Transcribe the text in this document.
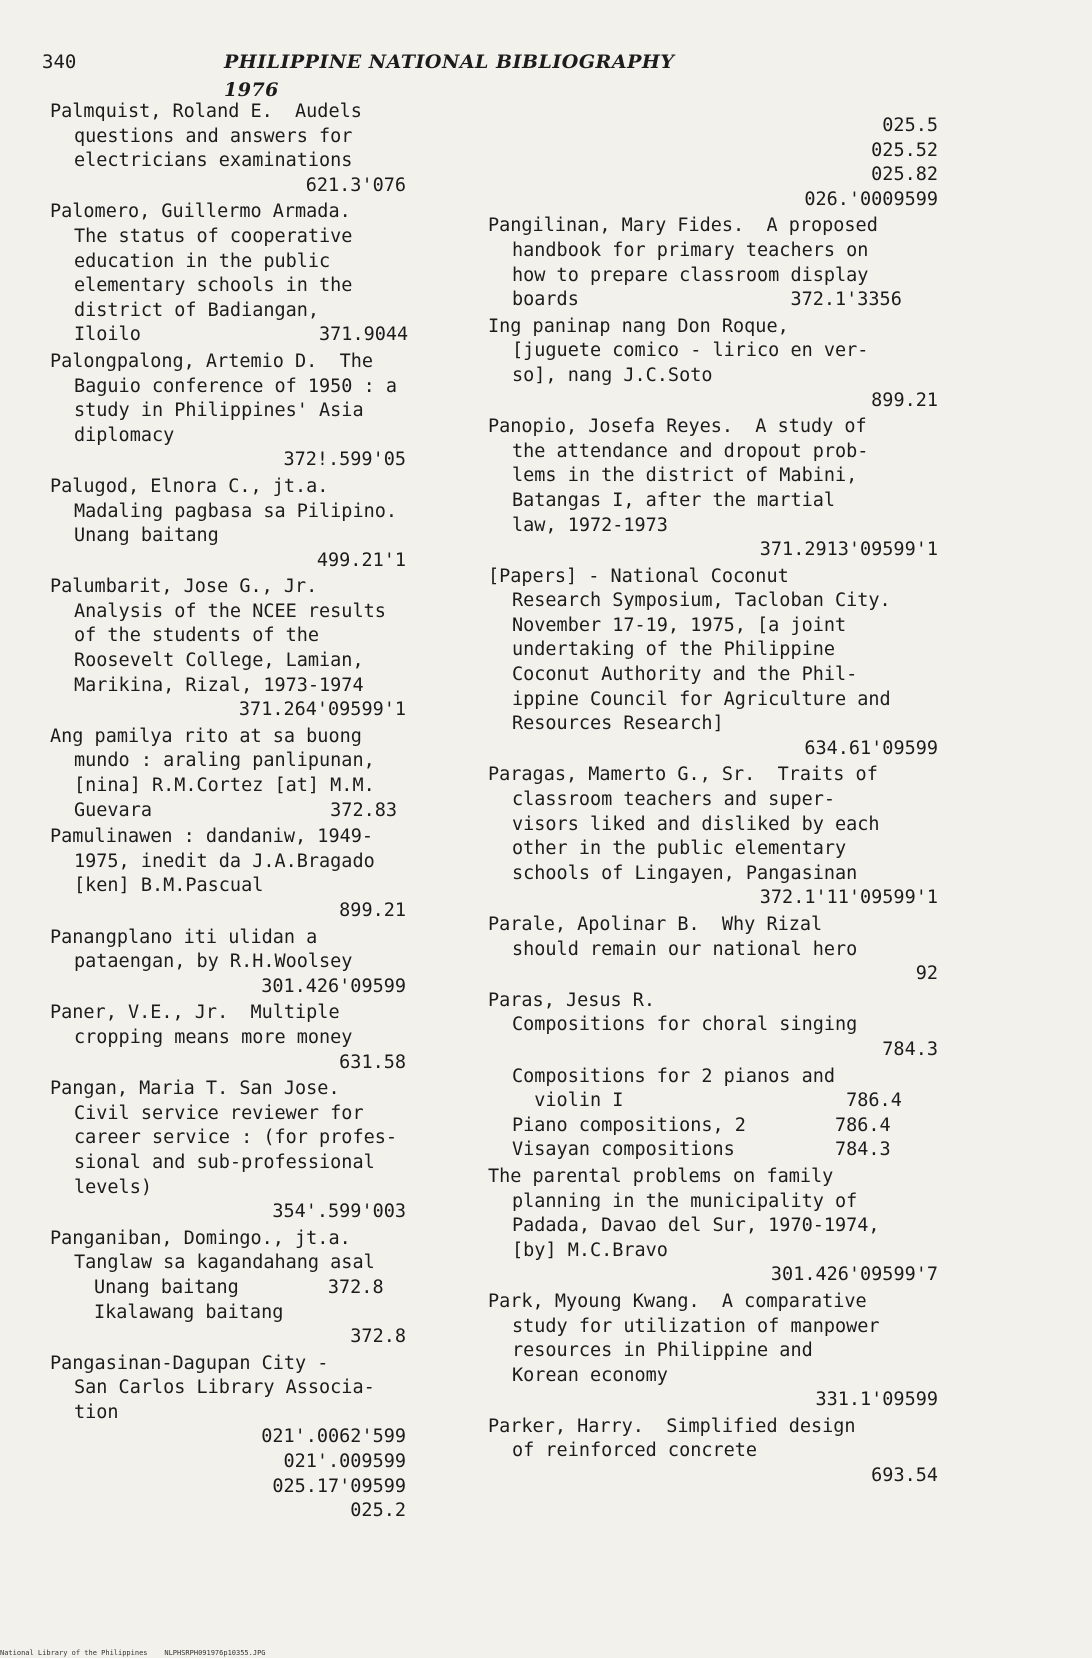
340	PHILIPPINE NATIONAL BIBLIOGRAPHY 1976
Palmquist, Roland E.  Audels
questions and answers for
electricians examinations
621.3'076
Palomero, Guillermo Armada.
The status of cooperative
education in the public
elementary schools in the
district of Badiangan,
Iloilo                371.9044
Palongpalong, Artemio D.  The
Baguio conference of 1950 : a
study in Philippines' Asia
diplomacy
372!.599'05
Palugod, Elnora C., jt.a.
Madaling pagbasa sa Pilipino.
Unang baitang
499.21'1
Palumbarit, Jose G., Jr.
Analysis of the NCEE results
of the students of the
Roosevelt College, Lamian,
Marikina, Rizal, 1973-1974
371.264'09599'1
Ang pamilya rito at sa buong
mundo : araling panlipunan,
[nina] R.M.Cortez [at] M.M.
Guevara                372.83
Pamulinawen : dandaniw, 1949-
1975, inedit da J.A.Bragado
[ken] B.M.Pascual
899.21
Panangplano iti ulidan a
pataengan, by R.H.Woolsey
301.426'09599
Paner, V.E., Jr.  Multiple
cropping means more money
631.58
Pangan, Maria T. San Jose.
Civil service reviewer for
career service : (for profes-
sional and sub-professional
levels)
354'.599'003
Panganiban, Domingo., jt.a.
Tanglaw sa kagandahang asal
Unang baitang        372.8
Ikalawang baitang
372.8
Pangasinan-Dagupan City -
San Carlos Library Associa-
tion
021'.0062'599
021'.009599
025.17'09599
025.2
025.5
025.52
025.82
026.'0009599
Pangilinan, Mary Fides.  A proposed
handbook for primary teachers on
how to prepare classroom display
boards                   372.1'3356
Ing paninap nang Don Roque,
[juguete comico - lirico en ver-
so], nang J.C.Soto
899.21
Panopio, Josefa Reyes.  A study of
the attendance and dropout prob-
lems in the district of Mabini,
Batangas I, after the martial
law, 1972-1973
371.2913'09599'1
[Papers] - National Coconut
Research Symposium, Tacloban City.
November 17-19, 1975, [a joint
undertaking of the Philippine
Coconut Authority and the Phil-
ippine Council for Agriculture and
Resources Research]
634.61'09599
Paragas, Mamerto G., Sr.  Traits of
classroom teachers and super-
visors liked and disliked by each
other in the public elementary
schools of Lingayen, Pangasinan
372.1'11'09599'1
Parale, Apolinar B.  Why Rizal
should remain our national hero
92
Paras, Jesus R.
Compositions for choral singing
784.3
Compositions for 2 pianos and
violin I                    786.4
Piano compositions, 2        786.4
Visayan compositions         784.3
The parental problems on family
planning in the municipality of
Padada, Davao del Sur, 1970-1974,
[by] M.C.Bravo
301.426'09599'7
Park, Myoung Kwang.  A comparative
study for utilization of manpower
resources in Philippine and
Korean economy
331.1'09599
Parker, Harry.  Simplified design
of reinforced concrete
693.54
National Library of the Philippines    NLPHSRPH091976p10355.JPG
